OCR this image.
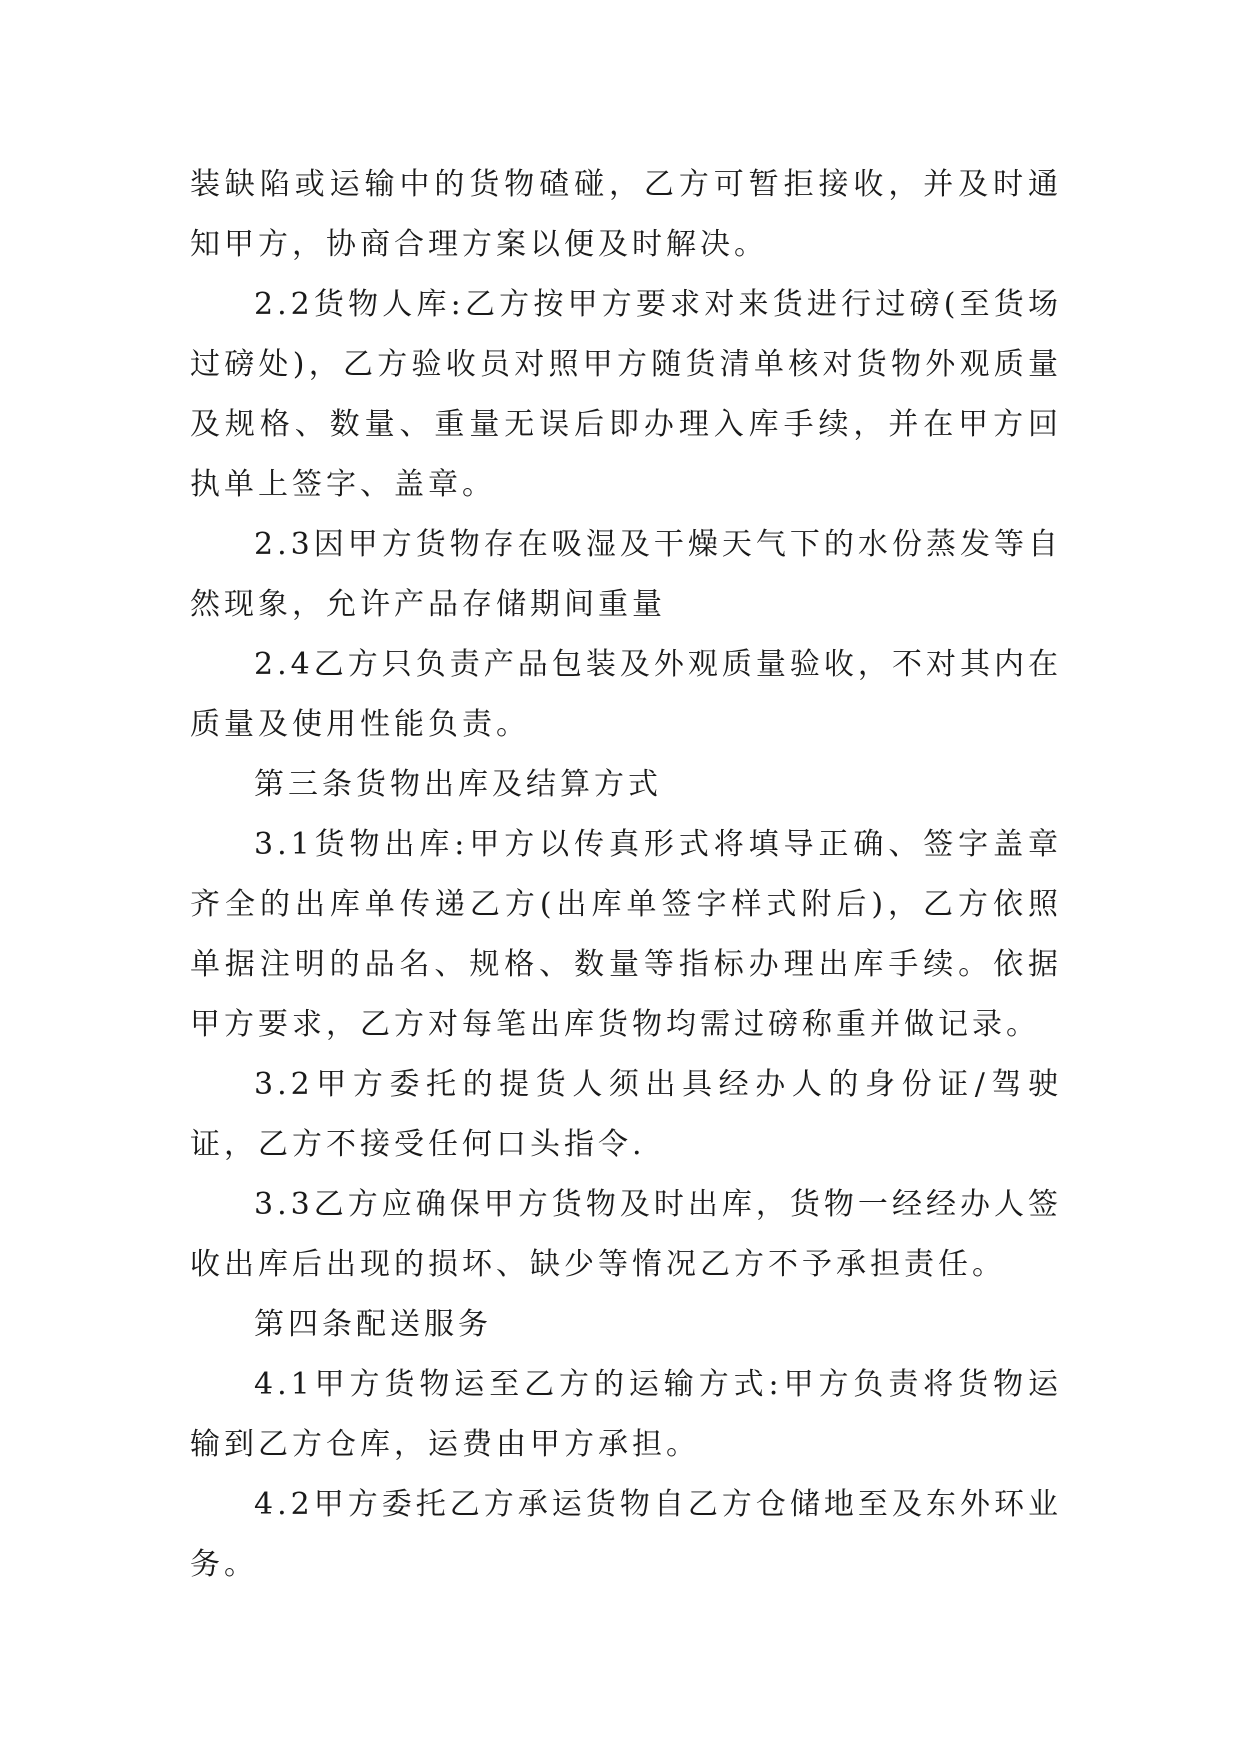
装缺陷或运输中的货物碴碰，乙方可暂拒接收，并及时通知甲方，协商合理方案以便及时解决。

2.2货物人库:乙方按甲方要求对来货进行过磅(至货场过磅处)，乙方验收员对照甲方随货清单核对货物外观质量及规格、数量、重量无误后即办理入库手续，并在甲方回执单上签字、盖章。

2.3因甲方货物存在吸湿及干燥天气下的水份蒸发等自然现象，允许产品存储期间重量

2.4乙方只负责产品包装及外观质量验收，不对其内在质量及使用性能负责。

第三条货物出库及结算方式

3.1货物出库:甲方以传真形式将填导正确、签字盖章齐全的出库单传递乙方(出库单签字样式附后)，乙方依照单据注明的品名、规格、数量等指标办理出库手续。依据甲方要求，乙方对每笔出库货物均需过磅称重并做记录。

3.2甲方委托的提货人须出具经办人的身份证/驾驶证，乙方不接受任何口头指令.

3.3乙方应确保甲方货物及时出库，货物一经经办人签收出库后出现的损坏、缺少等惰况乙方不予承担责任。

第四条配送服务

4.1甲方货物运至乙方的运输方式:甲方负责将货物运输到乙方仓库，运费由甲方承担。

4.2甲方委托乙方承运货物自乙方仓储地至及东外环业务。
